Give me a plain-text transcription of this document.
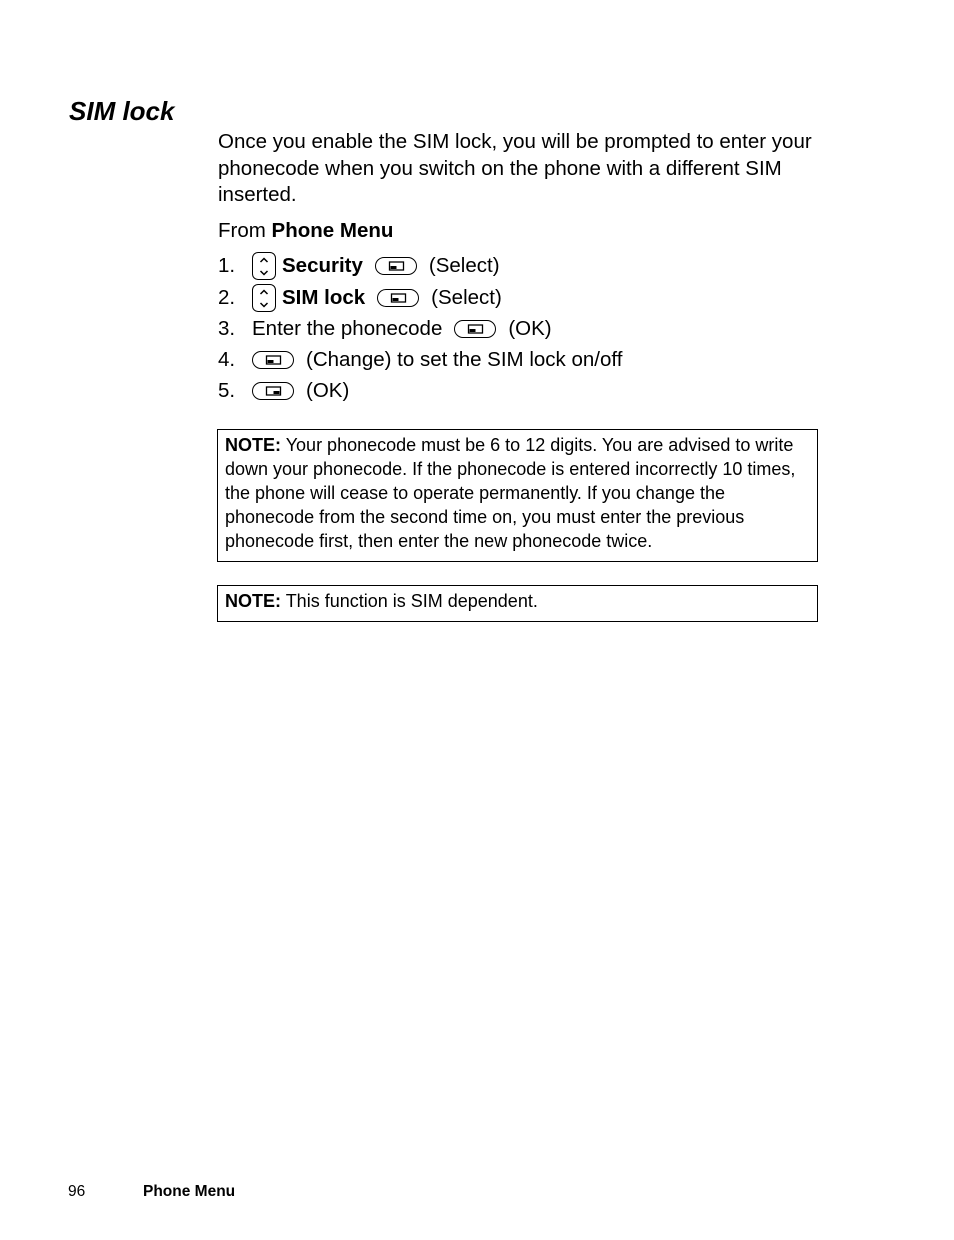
SIM lock

Once you enable the SIM lock, you will be prompted to enter your phonecode when you switch on the phone with a different SIM inserted.

From Phone Menu
1.	Security	(Select)
2.	SIM lock	(Select)
3. Enter the phonecode	(OK)
4.	(Change) to set the SIM lock on/off
5.	(OK)
NOTE: Your phonecode must be 6 to 12 digits. You are advised to write down your phonecode. If the phonecode is entered incorrectly 10 times, the phone will cease to operate permanently. If you change the phonecode from the second time on, you must enter the previous phonecode first, then enter the new phonecode twice.
NOTE: This function is SIM dependent.
96	Phone Menu
